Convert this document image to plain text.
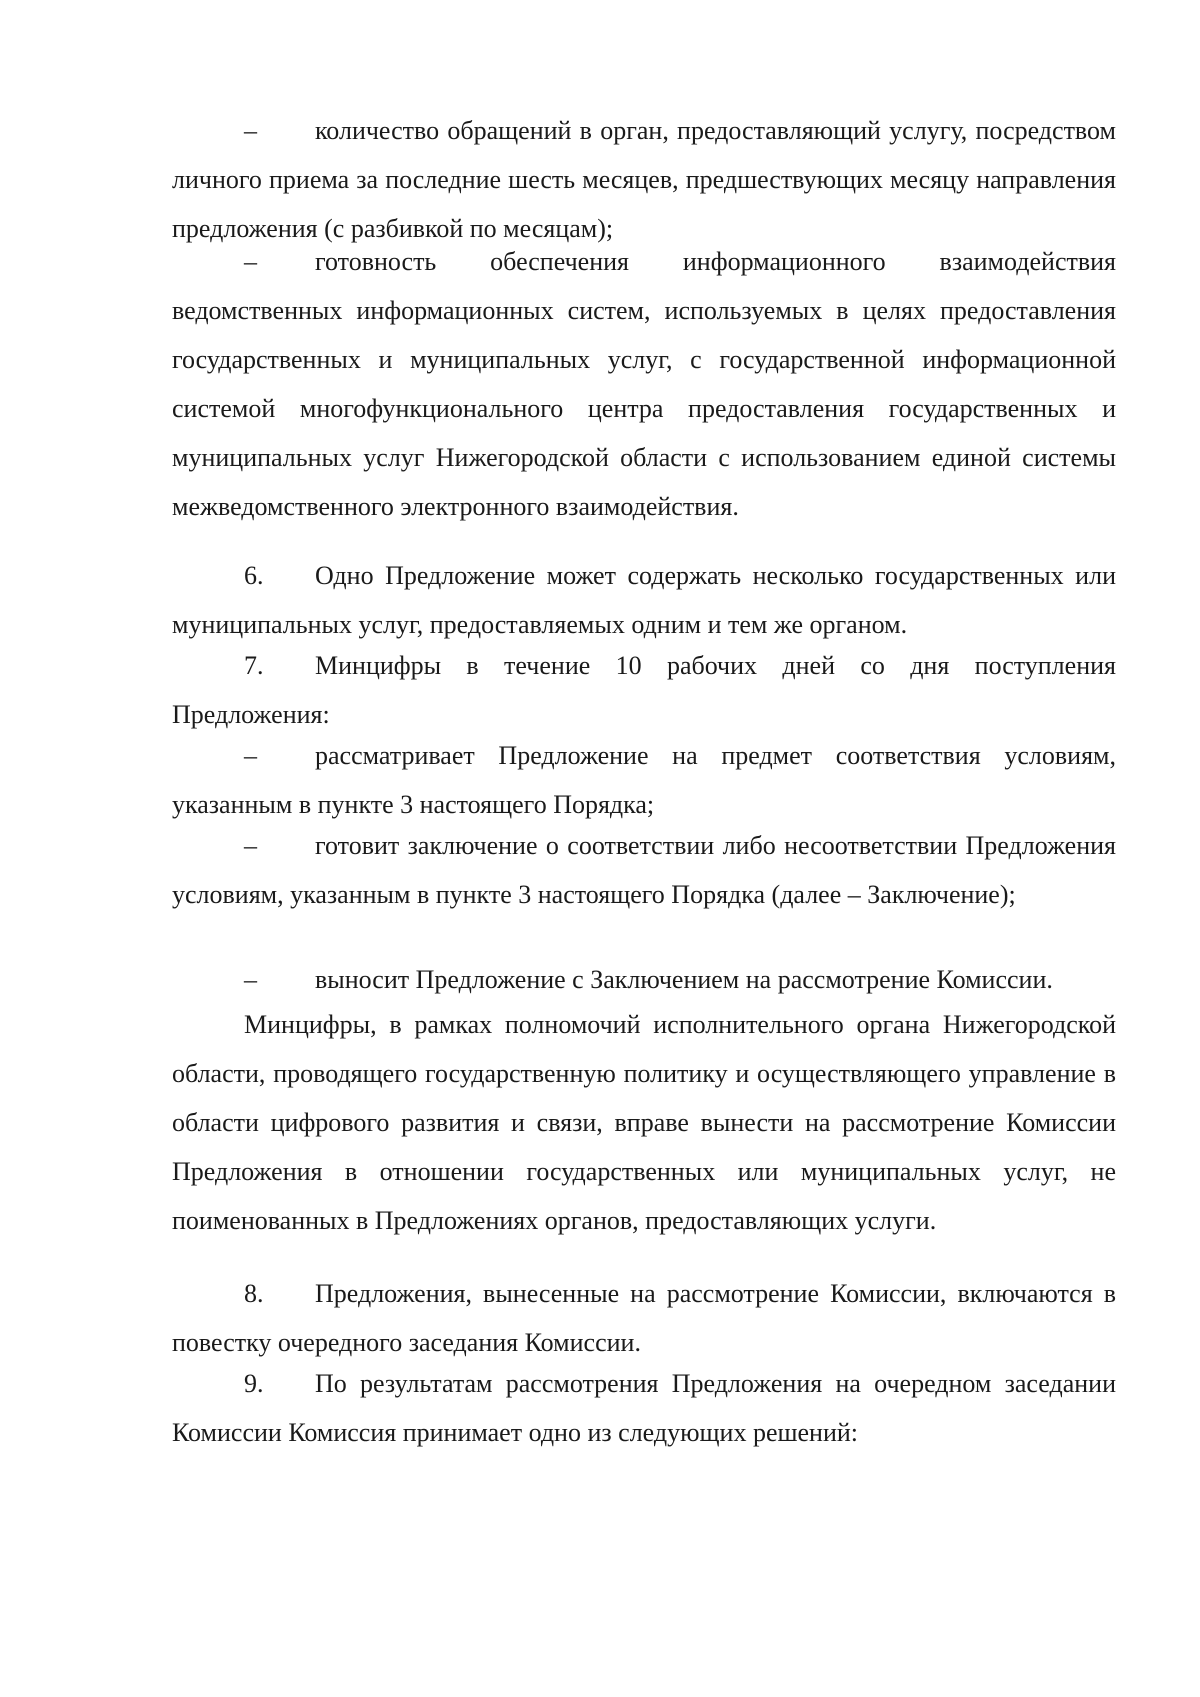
– количество обращений в орган, предоставляющий услугу, посредством личного приема за последние шесть месяцев, предшествующих месяцу направления предложения (с разбивкой по месяцам);

– готовность обеспечения информационного взаимодействия ведомственных информационных систем, используемых в целях предоставления государственных и муниципальных услуг, с государственной информационной системой многофункционального центра предоставления государственных и муниципальных услуг Нижегородской области с использованием единой системы межведомственного электронного взаимодействия.

6. Одно Предложение может содержать несколько государственных или муниципальных услуг, предоставляемых одним и тем же органом.

7. Минцифры в течение 10 рабочих дней со дня поступления Предложения:

– рассматривает Предложение на предмет соответствия условиям, указанным в пункте 3 настоящего Порядка;

– готовит заключение о соответствии либо несоответствии Предложения условиям, указанным в пункте 3 настоящего Порядка (далее – Заключение);

– выносит Предложение с Заключением на рассмотрение Комиссии.

Минцифры, в рамках полномочий исполнительного органа Нижегородской области, проводящего государственную политику и осуществляющего управление в области цифрового развития и связи, вправе вынести на рассмотрение Комиссии Предложения в отношении государственных или муниципальных услуг, не поименованных в Предложениях органов, предоставляющих услуги.

8. Предложения, вынесенные на рассмотрение Комиссии, включаются в повестку очередного заседания Комиссии.

9. По результатам рассмотрения Предложения на очередном заседании Комиссии Комиссия принимает одно из следующих решений:
